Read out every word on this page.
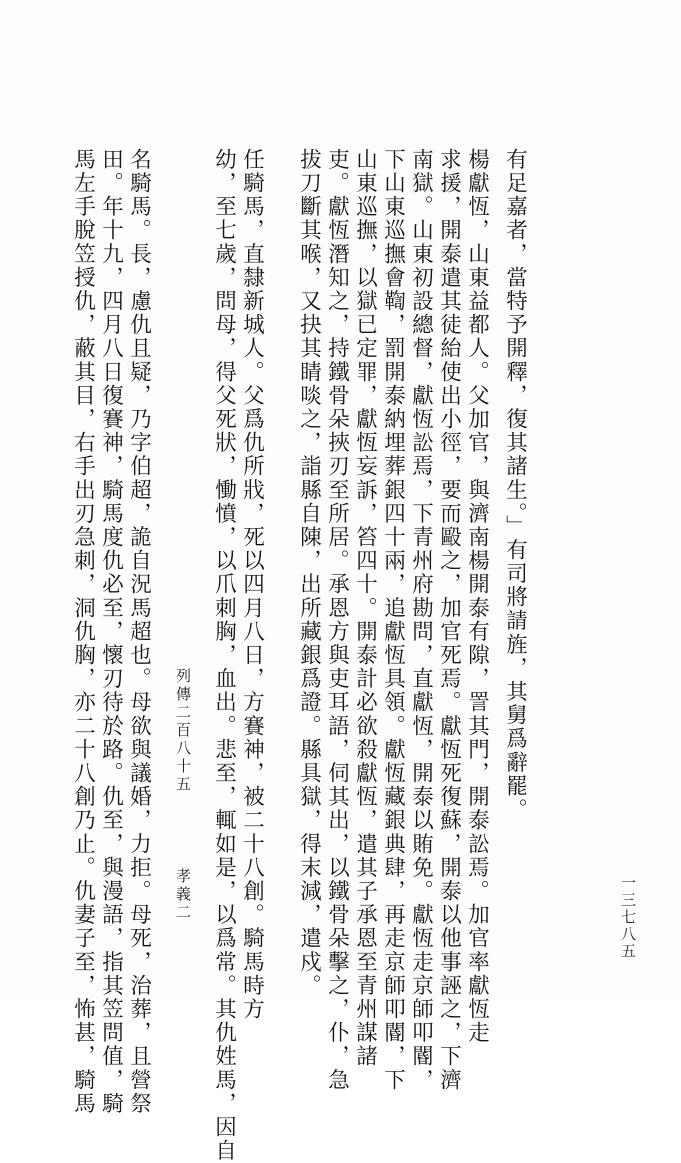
有足嘉者，當特予開釋，復其諸生。」有司將請旌，其舅爲辭罷。
楊獻恆，山東益都人。父加官，與濟南楊開泰有隙，詈其門，開泰訟焉。加官率獻恆走
求援，開泰遣其徒紿使出小徑，要而毆之，加官死焉。獻恆死復蘇，開泰以他事誣之，下濟
南獄。山東初設總督，獻恆訟焉，下青州府勘問，直獻恆，開泰以賄免。獻恆走京師叩閽，
下山東巡撫會鞫，罰開泰納埋葬銀四十兩，追獻恆具領。獻恆藏銀典肆，再走京師叩閽，下
山東巡撫，以獄已定罪，獻恆妄訴，笞四十。開泰計必欲殺獻恆，遣其子承恩至青州謀諸
吏。獻恆潛知之，持鐵骨朵挾刃至所居。承恩方與吏耳語，伺其出，以鐵骨朵擊之，仆，急
拔刀斷其喉，又抉其睛啖之，詣縣自陳，出所藏銀爲證。縣具獄，得末減，遣戍。
任騎馬，直隸新城人。父爲仇所戕，死以四月八日，方賽神，被二十八創。騎馬時方
幼，至七歲，問母，得父死狀，慟憤，以爪刺胸，血出。悲至，輒如是，以爲常。其仇姓馬，因自
名騎馬。長，慮仇且疑，乃字伯超，詭自況馬超也。母欲與議婚，力拒。母死，治葬，且營祭
田。年十九，四月八日復賽神，騎馬度仇必至，懷刃待於路。仇至，與漫語，指其笠問值，騎
馬左手脫笠授仇，蔽其目，右手出刃急刺，洞仇胸，亦二十八創乃止。仇妻子至，怖甚，騎馬	列傳二百八十五
孝義二	一三七八五
